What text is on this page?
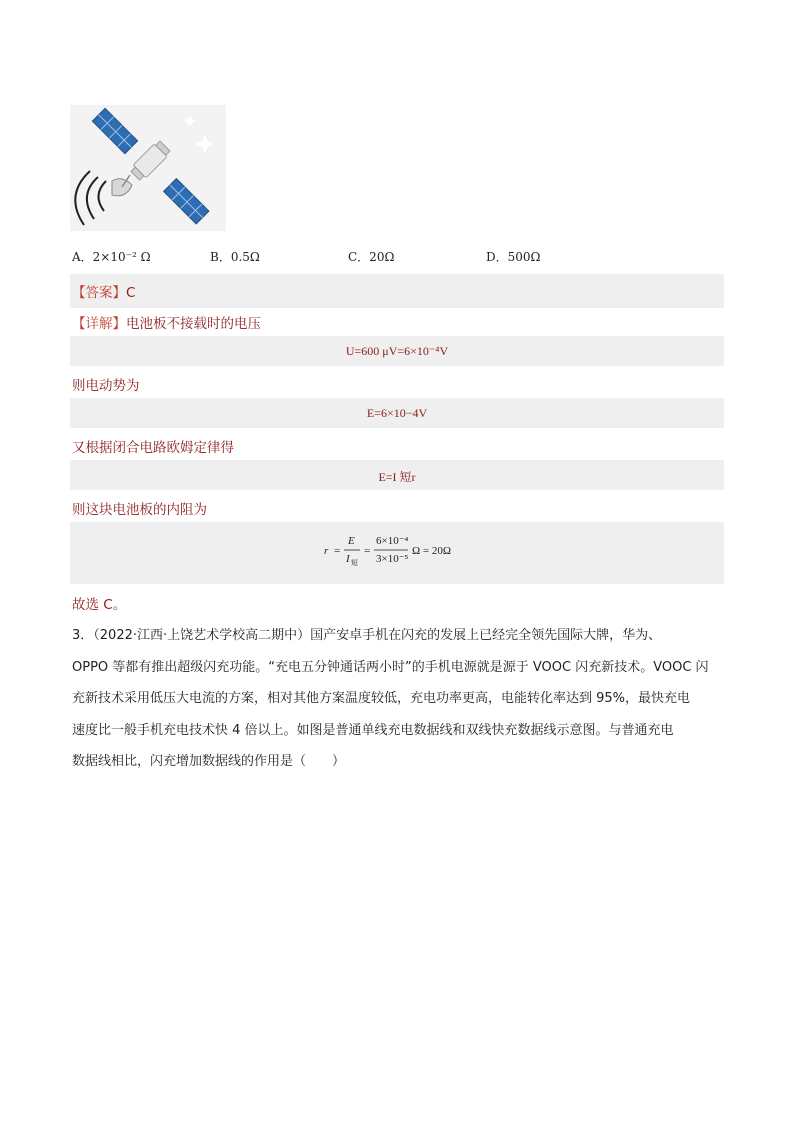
A．2×10⁻² Ω	B．0.5Ω	C．20Ω	D．500Ω
【答案】C
【详解】电池板不接载时的电压
U=600 μV=6×10⁻⁴V
则电动势为
E=6×10−4V
又根据闭合电路欧姆定律得
E=I 短r
则这块电池板的内阻为
r =
E
I 短
=
6×10⁻⁴
3×10⁻⁵
Ω = 20Ω
故选 C。

3．（2022·江西·上饶艺术学校高二期中）国产安卓手机在闪充的发展上已经完全领先国际大牌，华为、

OPPO 等都有推出超级闪充功能。“充电五分钟通话两小时”的手机电源就是源于 VOOC 闪充新技术。VOOC 闪

充新技术采用低压大电流的方案，相对其他方案温度较低，充电功率更高，电能转化率达到 95%，最快充电

速度比一般手机充电技术快 4 倍以上。如图是普通单线充电数据线和双线快充数据线示意图。与普通充电

数据线相比，闪充增加数据线的作用是（　　）
